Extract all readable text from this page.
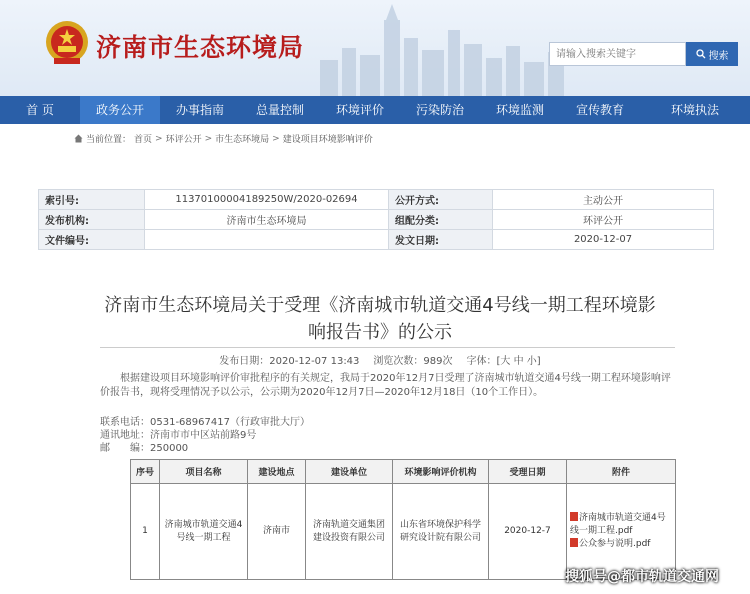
济南市生态环境局
请输入搜索关键字	搜索
首 页	政务公开	办事指南	总量控制	环境评价	污染防治	环境监测	宣传教育	环境执法
当前位置： 首页 > 环评公开 > 市生态环境局 > 建设项目环境影响评价
索引号:	11370100004189250W/2020-02694	公开方式:	主动公开
发布机构:	济南市生态环境局	组配分类:	环评公开
文件编号:		发文日期:	2020-12-07
济南市生态环境局关于受理《济南城市轨道交通4号线一期工程环境影响报告书》的公示
发布日期：2020-12-07 13:43 浏览次数：989次 字体：[大 中 小]

根据建设项目环境影响评价审批程序的有关规定，我局于2020年12月7日受理了济南城市轨道交通4号线一期工程环境影响评价报告书，现将受理情况予以公示，公示期为2020年12月7日—2020年12月18日（10个工作日）。

联系电话：0531-68967417（行政审批大厅）
通讯地址：济南市市中区站前路9号
邮　　编：250000
序号	项目名称	建设地点	建设单位	环境影响评价机构	受理日期	附件
1	济南城市轨道交通4号线一期工程	济南市	济南轨道交通集团建设投资有限公司	山东省环境保护科学研究设计院有限公司	2020-12-7	济南城市轨道交通4号线一期工程.pdf
公众参与说明.pdf
搜狐号@都市轨道交通网
